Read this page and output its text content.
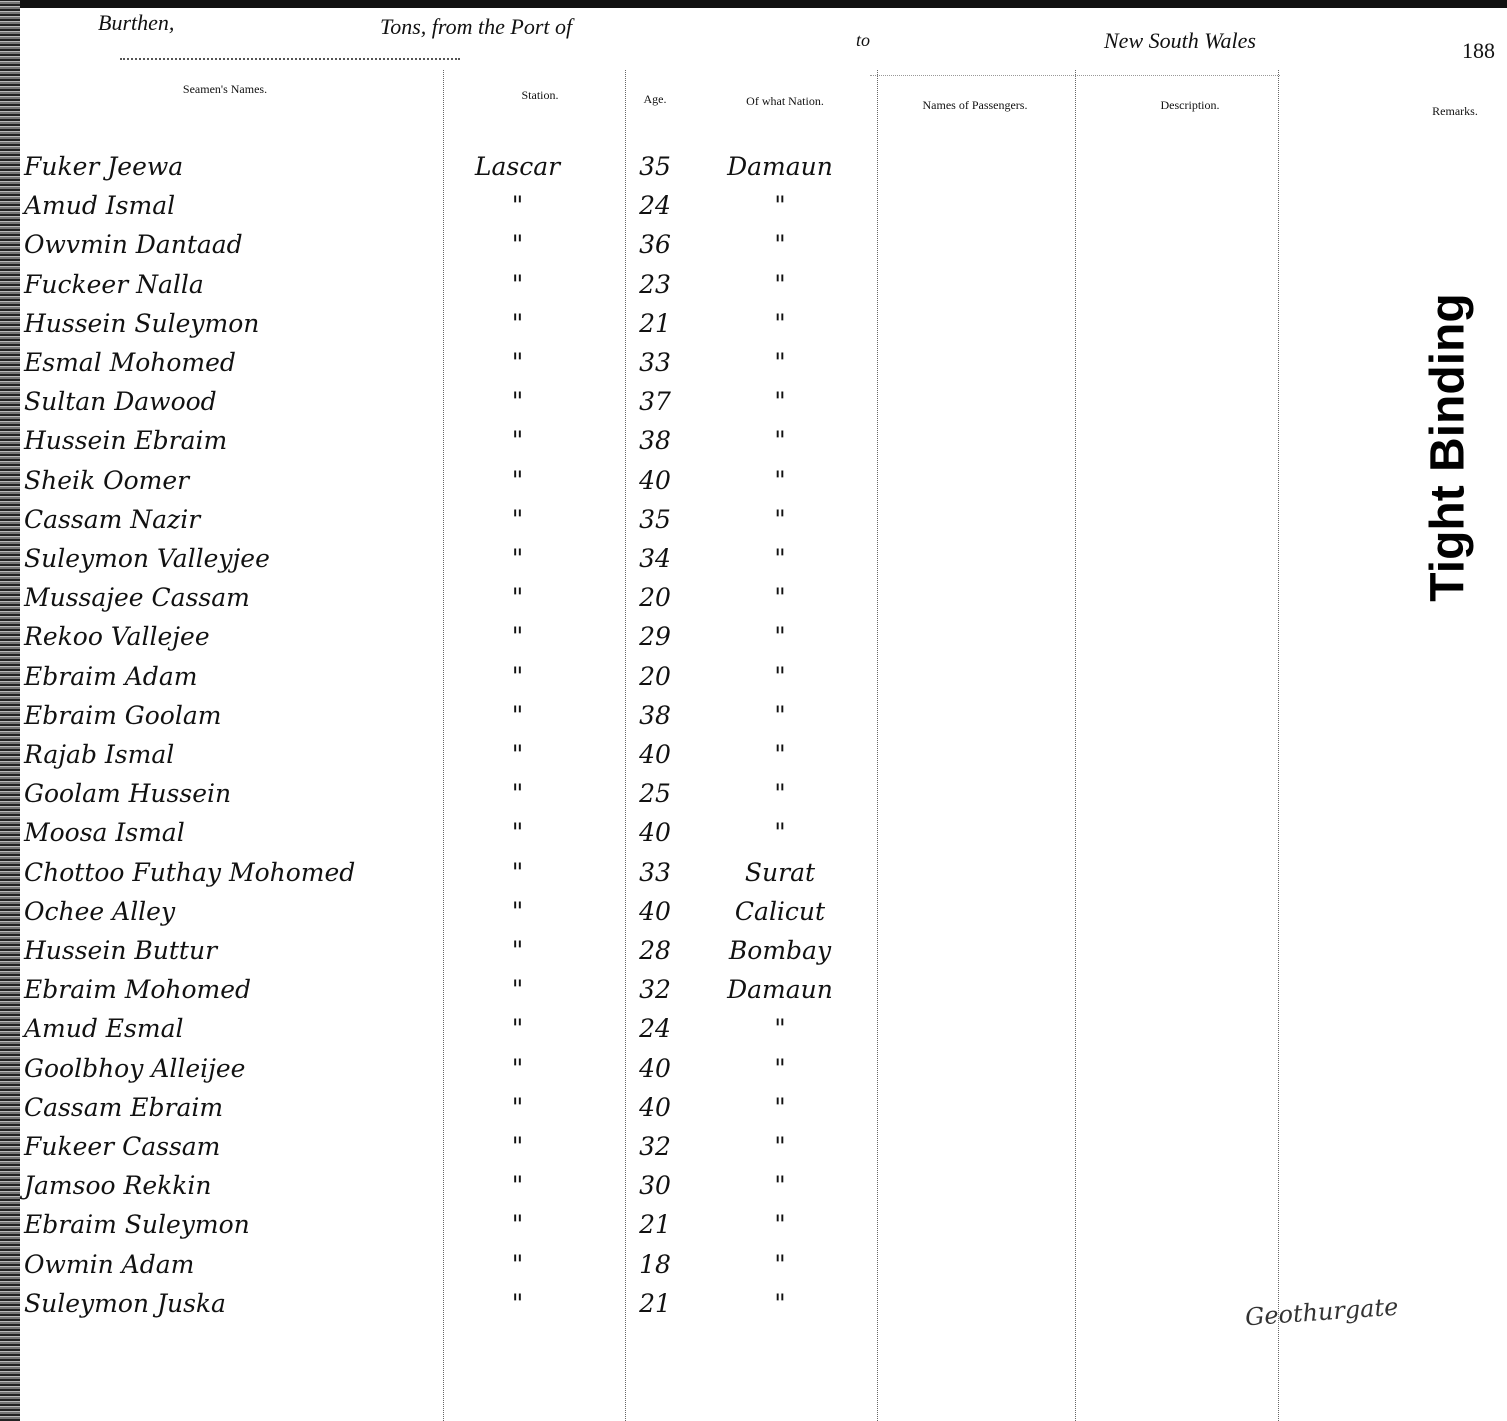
Burthen,	Tons, from the Port of
to	New South Wales	188
Seamen's Names.	Station.	Age.	Of what Nation.	Names of Passengers.	Description.	Remarks.
Fuker Jeewa	Lascar	35	Damaun
Amud Ismal	"	24	"
Owvmin Dantaad	"	36	"
Fuckeer Nalla	"	23	"
Hussein Suleymon	"	21	"
Esmal Mohomed	"	33	"
Sultan Dawood	"	37	"
Hussein Ebraim	"	38	"
Sheik Oomer	"	40	"
Cassam Nazir	"	35	"
Suleymon Valleyjee	"	34	"
Mussajee Cassam	"	20	"
Rekoo Vallejee	"	29	"
Ebraim Adam	"	20	"
Ebraim Goolam	"	38	"
Rajab Ismal	"	40	"
Goolam Hussein	"	25	"
Moosa Ismal	"	40	"
Chottoo Futhay Mohomed	"	33	Surat
Ochee Alley	"	40	Calicut
Hussein Buttur	"	28	Bombay
Ebraim Mohomed	"	32	Damaun
Amud Esmal	"	24	"
Goolbhoy Alleijee	"	40	"
Cassam Ebraim	"	40	"
Fukeer Cassam	"	32	"
Jamsoo Rekkin	"	30	"
Ebraim Suleymon	"	21	"
Owmin Adam	"	18	"
Suleymon Juska	"	21	"
Tight Binding
Geothurgate
